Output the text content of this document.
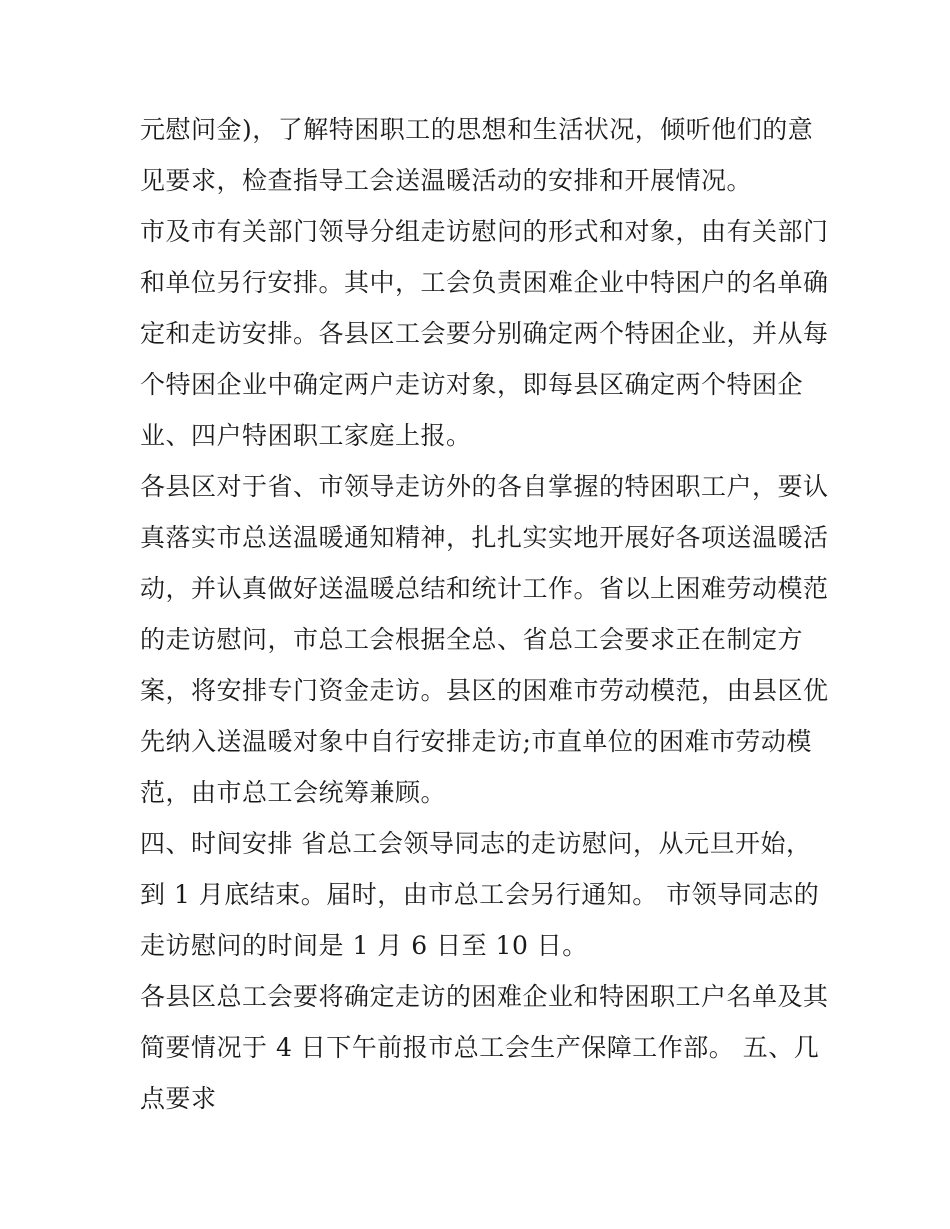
元慰问金)，了解特困职工的思想和生活状况，倾听他们的意
见要求，检查指导工会送温暖活动的安排和开展情况。

市及市有关部门领导分组走访慰问的形式和对象，由有关部门
和单位另行安排。其中，工会负责困难企业中特困户的名单确
定和走访安排。各县区工会要分别确定两个特困企业，并从每
个特困企业中确定两户走访对象，即每县区确定两个特困企
业、四户特困职工家庭上报。

各县区对于省、市领导走访外的各自掌握的特困职工户，要认
真落实市总送温暖通知精神，扎扎实实地开展好各项送温暖活
动，并认真做好送温暖总结和统计工作。省以上困难劳动模范
的走访慰问，市总工会根据全总、省总工会要求正在制定方
案，将安排专门资金走访。县区的困难市劳动模范，由县区优
先纳入送温暖对象中自行安排走访;市直单位的困难市劳动模
范，由市总工会统筹兼顾。

四、时间安排 省总工会领导同志的走访慰问，从元旦开始，
到 1 月底结束。届时，由市总工会另行通知。 市领导同志的
走访慰问的时间是 1 月 6 日至 10 日。

各县区总工会要将确定走访的困难企业和特困职工户名单及其
简要情况于 4 日下午前报市总工会生产保障工作部。 五、几
点要求
